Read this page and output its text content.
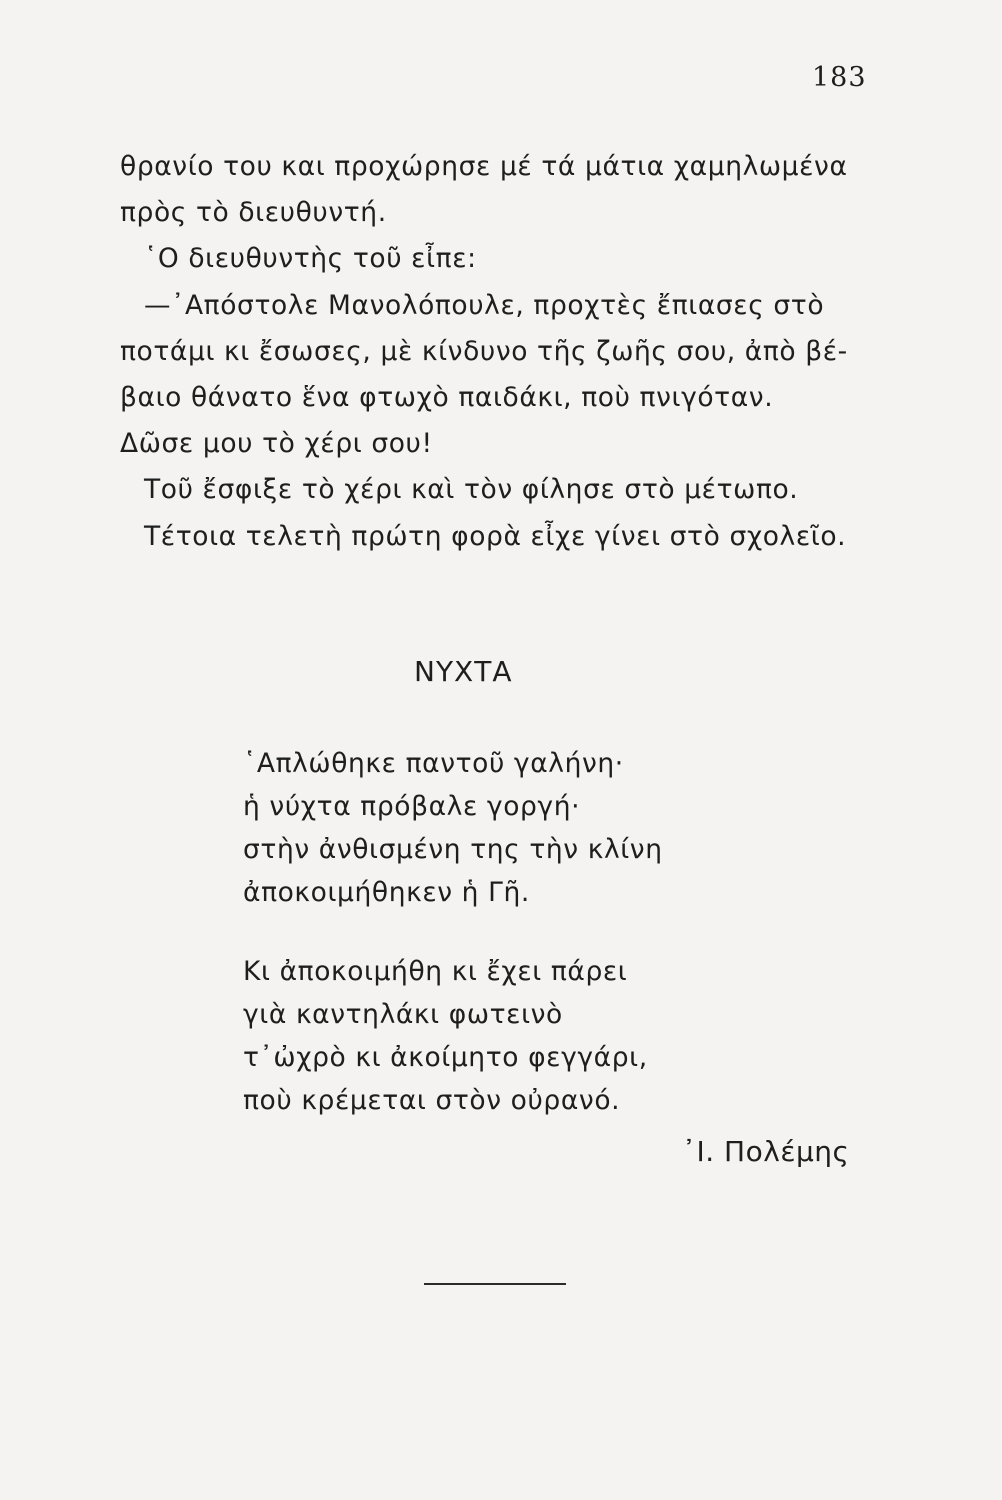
183
θρανίο του και προχώρησε μέ τά μάτια χαμηλωμένα
πρὸς τὸ διευθυντή.
῾Ο διευθυντὴς τοῦ εἶπε:
—᾿Απόστολε Μανολόπουλε, προχτὲς ἔπιασες στὸ
ποτάμι κι ἔσωσες, μὲ κίνδυνο τῆς ζωῆς σου, ἀπὸ βέ-
βαιο θάνατο ἕνα φτωχὸ παιδάκι, ποὺ πνιγόταν.
Δῶσε μου τὸ χέρι σου!
Τοῦ ἔσφιξε τὸ χέρι καὶ τὸν φίλησε στὸ μέτωπο.
Τέτοια τελετὴ πρώτη φορὰ εἶχε γίνει στὸ σχολεῖο.
ΝΥΧΤΑ
῾Απλώθηκε παντοῦ γαλήνη·
ἡ νύχτα πρόβαλε γοργή·
στὴν ἀνθισμένη της τὴν κλίνη
ἀποκοιμήθηκεν ἡ Γῆ.
Κι ἀποκοιμήθη κι ἔχει πάρει
γιὰ καντηλάκι φωτεινὸ
τ᾿ὠχρὸ κι ἀκοίμητο φεγγάρι,
ποὺ κρέμεται στὸν οὐρανό.
᾿Ι. Πολέμης
